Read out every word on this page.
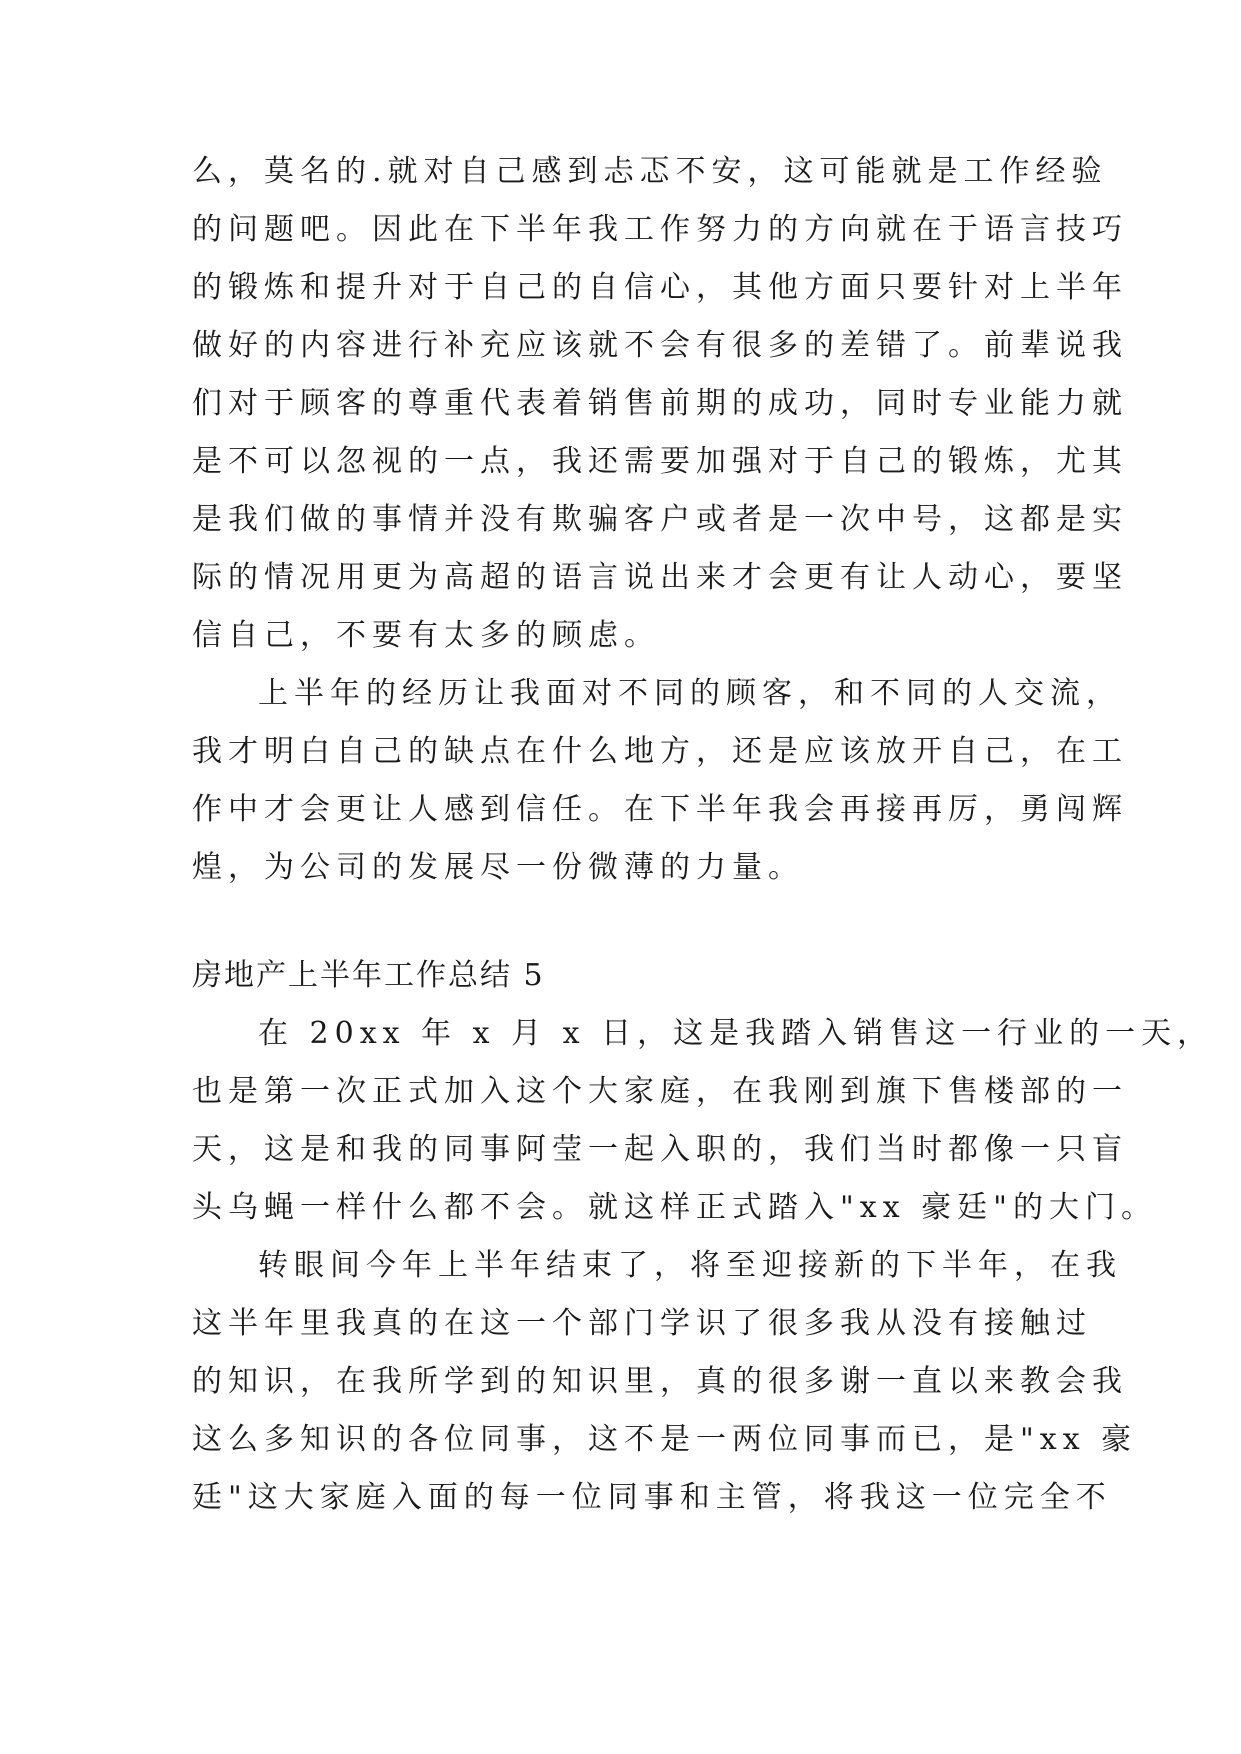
么，莫名的.就对自己感到忐忑不安，这可能就是工作经验
的问题吧。因此在下半年我工作努力的方向就在于语言技巧
的锻炼和提升对于自己的自信心，其他方面只要针对上半年
做好的内容进行补充应该就不会有很多的差错了。前辈说我
们对于顾客的尊重代表着销售前期的成功，同时专业能力就
是不可以忽视的一点，我还需要加强对于自己的锻炼，尤其
是我们做的事情并没有欺骗客户或者是一次中号，这都是实
际的情况用更为高超的语言说出来才会更有让人动心，要坚
信自己，不要有太多的顾虑。
上半年的经历让我面对不同的顾客，和不同的人交流，
我才明白自己的缺点在什么地方，还是应该放开自己，在工
作中才会更让人感到信任。在下半年我会再接再厉，勇闯辉
煌，为公司的发展尽一份微薄的力量。
房地产上半年工作总结 5
在 20xx 年 x 月 x 日，这是我踏入销售这一行业的一天，
也是第一次正式加入这个大家庭，在我刚到旗下售楼部的一
天，这是和我的同事阿莹一起入职的，我们当时都像一只盲
头乌蝇一样什么都不会。就这样正式踏入"xx 豪廷"的大门。
转眼间今年上半年结束了，将至迎接新的下半年，在我
这半年里我真的在这一个部门学识了很多我从没有接触过
的知识，在我所学到的知识里，真的很多谢一直以来教会我
这么多知识的各位同事，这不是一两位同事而已，是"xx 豪
廷"这大家庭入面的每一位同事和主管，将我这一位完全不
